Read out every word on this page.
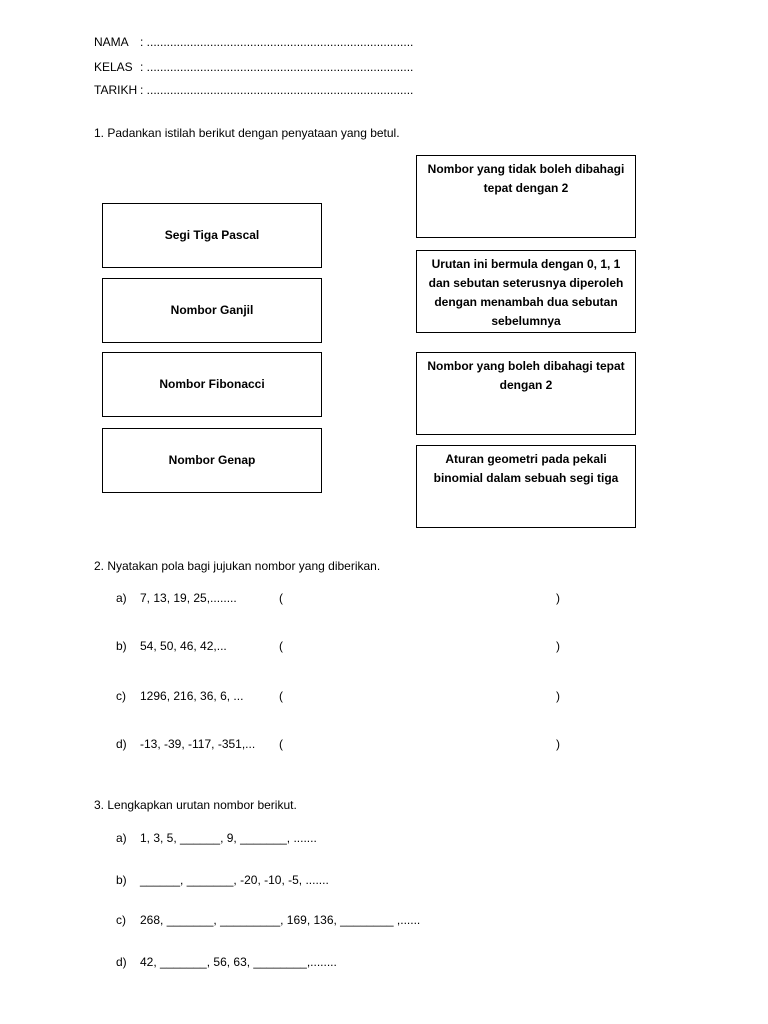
NAMA : ................................................................................
KELAS : ................................................................................
TARIKH : ................................................................................
1. Padankan istilah berikut dengan penyataan yang betul.
Segi Tiga Pascal
Nombor Ganjil
Nombor Fibonacci
Nombor Genap
Nombor yang tidak boleh dibahagi tepat dengan 2
Urutan ini bermula dengan 0, 1, 1 dan sebutan seterusnya diperoleh dengan menambah dua sebutan sebelumnya
Nombor yang boleh dibahagi tepat dengan 2
Aturan geometri pada pekali binomial dalam sebuah segi tiga
2. Nyatakan pola bagi jujukan nombor yang diberikan.
a) 7, 13, 19, 25,........	(	)
b) 54, 50, 46, 42,...	(	)
c) 1296, 216, 36, 6, ...	(	)
d) -13, -39, -117, -351,... (	)
3. Lengkapkan urutan nombor berikut.
a) 1, 3, 5, ______, 9, _______, .......
b) ______, _______, -20, -10, -5, .......
c) 268, _______, _________, 169, 136, ________ ,......
d) 42, _______, 56, 63, ________,........
